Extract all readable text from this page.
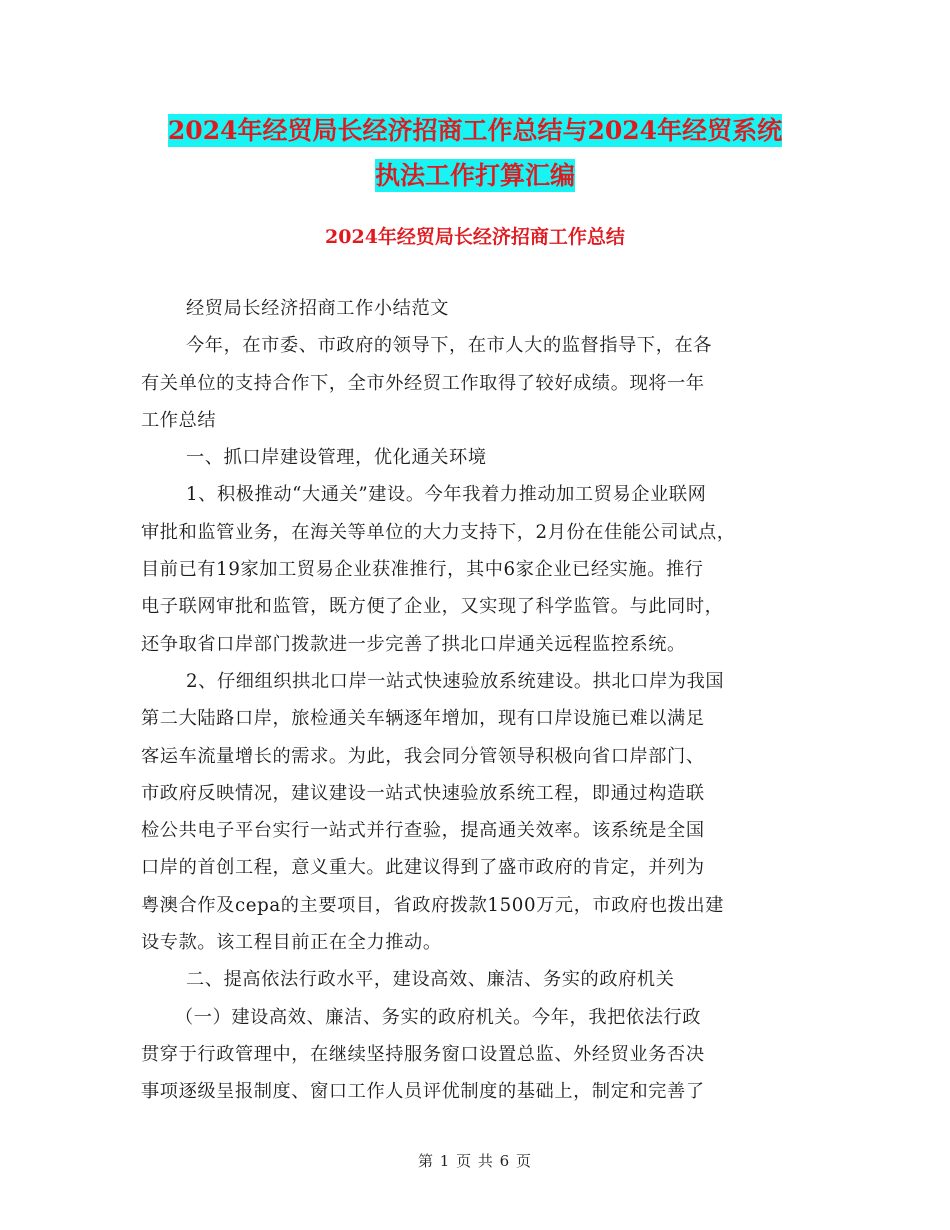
2024年经贸局长经济招商工作总结与2024年经贸系统
执法工作打算汇编
2024年经贸局长经济招商工作总结
经贸局长经济招商工作小结范文
今年，在市委、市政府的领导下，在市人大的监督指导下，在各
有关单位的支持合作下，全市外经贸工作取得了较好成绩。现将一年
工作总结
一、抓口岸建设管理，优化通关环境
1、积极推动“大通关”建设。今年我着力推动加工贸易企业联网
审批和监管业务，在海关等单位的大力支持下，2月份在佳能公司试点，
目前已有19家加工贸易企业获准推行，其中6家企业已经实施。推行
电子联网审批和监管，既方便了企业，又实现了科学监管。与此同时，
还争取省口岸部门拨款进一步完善了拱北口岸通关远程监控系统。
2、仔细组织拱北口岸一站式快速验放系统建设。拱北口岸为我国
第二大陆路口岸，旅检通关车辆逐年增加，现有口岸设施已难以满足
客运车流量增长的需求。为此，我会同分管领导积极向省口岸部门、
市政府反映情况，建议建设一站式快速验放系统工程，即通过构造联
检公共电子平台实行一站式并行查验，提高通关效率。该系统是全国
口岸的首创工程，意义重大。此建议得到了盛市政府的肯定，并列为
粤澳合作及cepa的主要项目，省政府拨款1500万元，市政府也拨出建
设专款。该工程目前正在全力推动。
二、提高依法行政水平，建设高效、廉洁、务实的政府机关
（一）建设高效、廉洁、务实的政府机关。今年，我把依法行政
贯穿于行政管理中，在继续坚持服务窗口设置总监、外经贸业务否决
事项逐级呈报制度、窗口工作人员评优制度的基础上，制定和完善了
第 1 页 共 6 页
